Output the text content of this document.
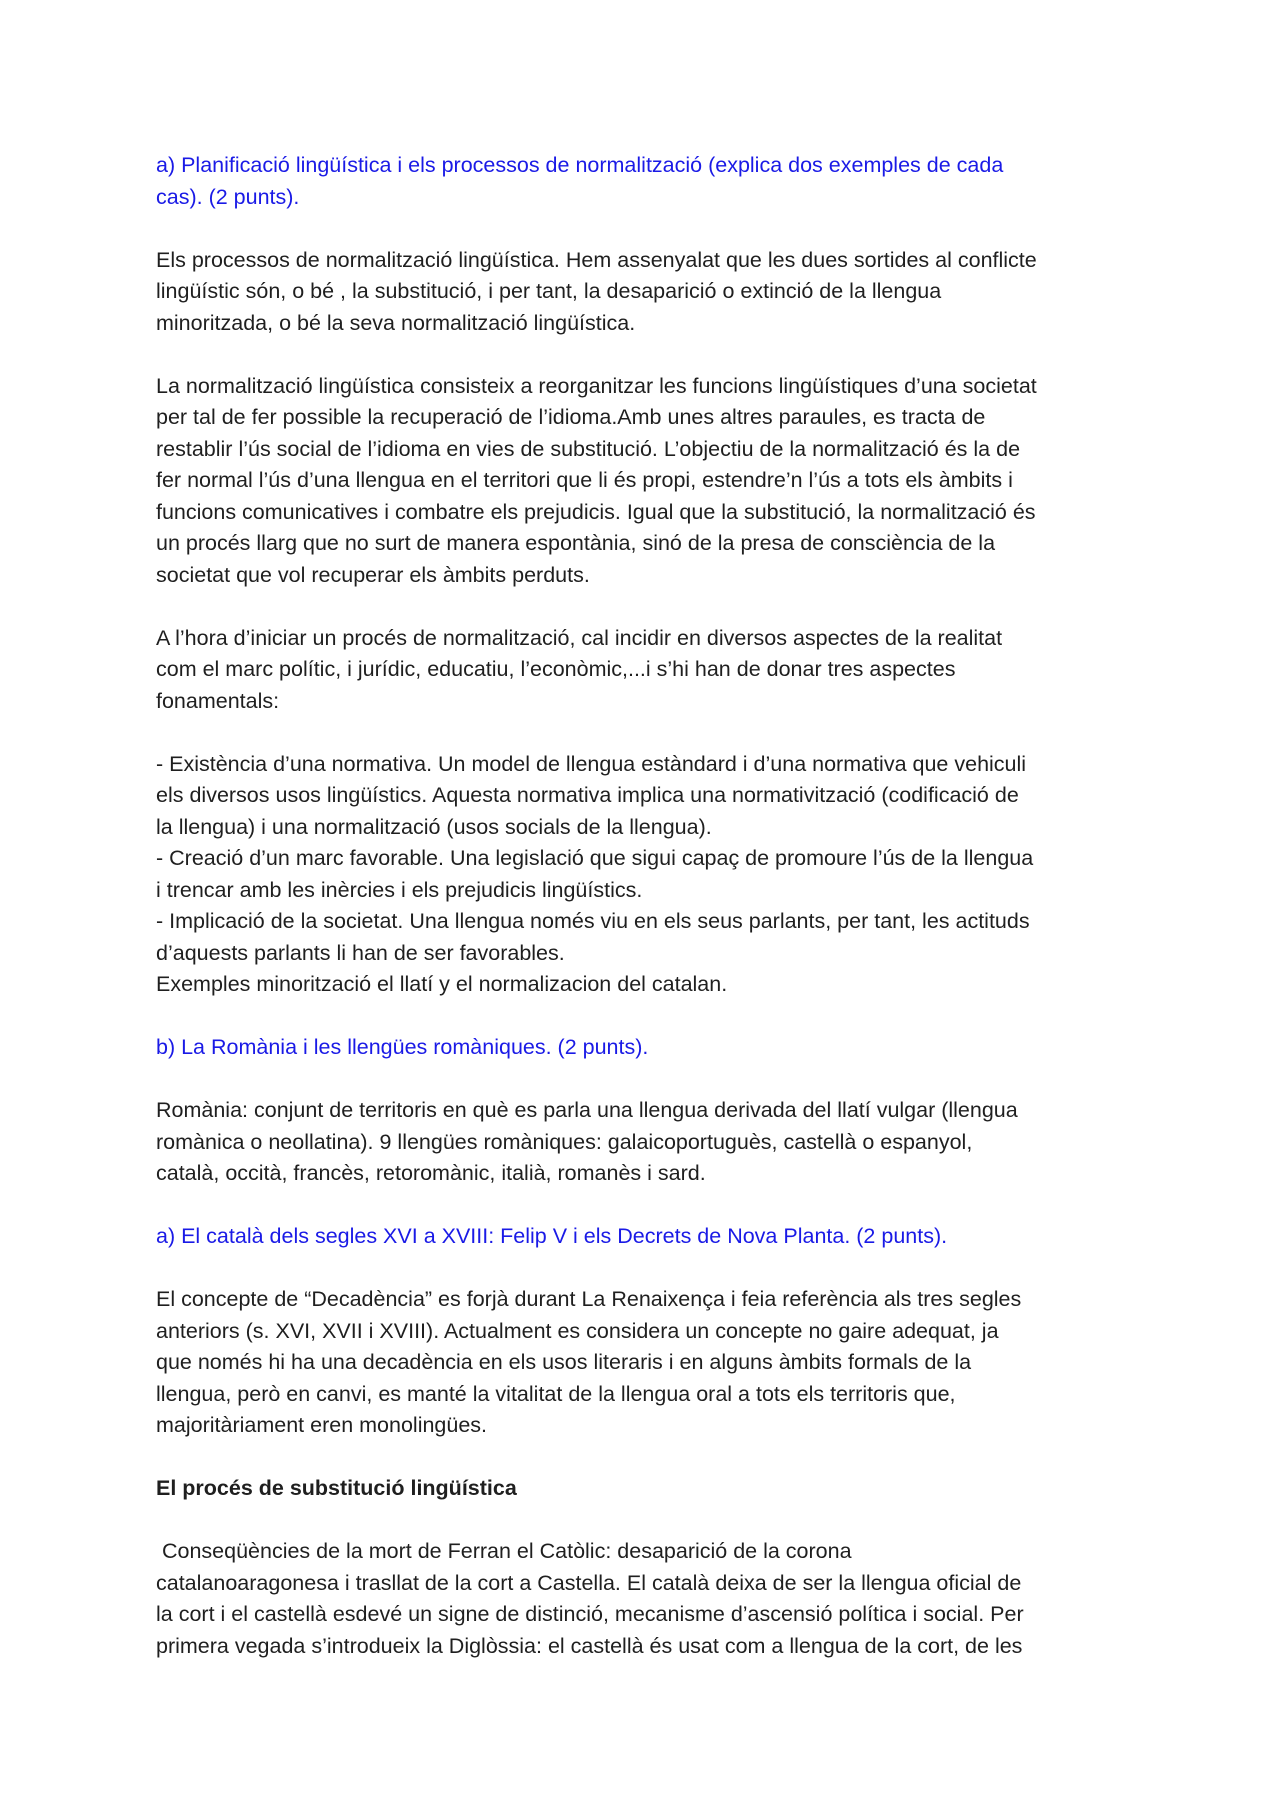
a) Planificació lingüística i els processos de normalització (explica dos exemples de cada
cas). (2 punts).

Els processos de normalització lingüística. Hem assenyalat que les dues sortides al conflicte
lingüístic són, o bé , la substitució, i per tant, la desaparició o extinció de la llengua
minoritzada, o bé la seva normalització lingüística.

La normalització lingüística consisteix a reorganitzar les funcions lingüístiques d’una societat
per tal de fer possible la recuperació de l’idioma.Amb unes altres paraules, es tracta de
restablir l’ús social de l’idioma en vies de substitució. L’objectiu de la normalització és la de
fer normal l’ús d’una llengua en el territori que li és propi, estendre’n l’ús a tots els àmbits i
funcions comunicatives i combatre els prejudicis. Igual que la substitució, la normalització és
un procés llarg que no surt de manera espontània, sinó de la presa de consciència de la
societat que vol recuperar els àmbits perduts.

A l’hora d’iniciar un procés de normalització, cal incidir en diversos aspectes de la realitat
com el marc polític, i jurídic, educatiu, l’econòmic,...i s’hi han de donar tres aspectes
fonamentals:

- Existència d’una normativa. Un model de llengua estàndard i d’una normativa que vehiculi
els diversos usos lingüístics. Aquesta normativa implica una normativització (codificació de
la llengua) i una normalització (usos socials de la llengua).
- Creació d’un marc favorable. Una legislació que sigui capaç de promoure l’ús de la llengua
i trencar amb les inèrcies i els prejudicis lingüístics.
- Implicació de la societat. Una llengua només viu en els seus parlants, per tant, les actituds
d’aquests parlants li han de ser favorables.
Exemples minorització el llatí y el normalizacion del catalan.

b) La Romània i les llengües romàniques. (2 punts).

Romània: conjunt de territoris en què es parla una llengua derivada del llatí vulgar (llengua
romànica o neollatina). 9 llengües romàniques: galaicoportuguès, castellà o espanyol,
català, occità, francès, retoromànic, italià, romanès i sard.

a) El català dels segles XVI a XVIII: Felip V i els Decrets de Nova Planta. (2 punts).

El concepte de “Decadència” es forjà durant La Renaixença i feia referència als tres segles
anteriors (s. XVI, XVII i XVIII). Actualment es considera un concepte no gaire adequat, ja
que només hi ha una decadència en els usos literaris i en alguns àmbits formals de la
llengua, però en canvi, es manté la vitalitat de la llengua oral a tots els territoris que,
majoritàriament eren monolingües.

El procés de substitució lingüística

Conseqüències de la mort de Ferran el Catòlic: desaparició de la corona
catalanoaragonesa i trasllat de la cort a Castella. El català deixa de ser la llengua oficial de
la cort i el castellà esdevé un signe de distinció, mecanisme d’ascensió política i social. Per
primera vegada s’introdueix la Diglòssia: el castellà és usat com a llengua de la cort, de les
